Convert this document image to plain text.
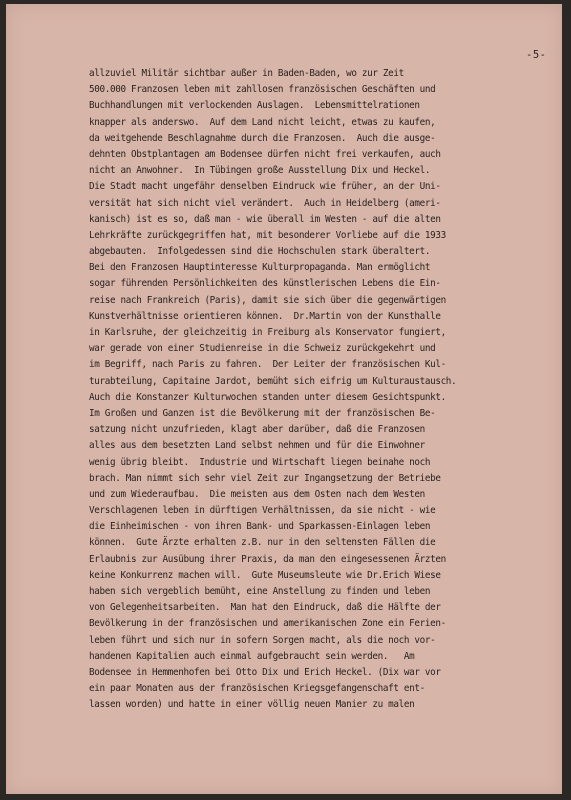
-5-
allzuviel Militär sichtbar außer in Baden-Baden, wo zur Zeit
500.000 Franzosen leben mit zahllosen französischen Geschäften und
Buchhandlungen mit verlockenden Auslagen.  Lebensmittelrationen
knapper als anderswo.  Auf dem Land nicht leicht, etwas zu kaufen,
da weitgehende Beschlagnahme durch die Franzosen.  Auch die ausge-
dehnten Obstplantagen am Bodensee dürfen nicht frei verkaufen, auch
nicht an Anwohner.  In Tübingen große Ausstellung Dix und Heckel.
Die Stadt macht ungefähr denselben Eindruck wie früher, an der Uni-
versität hat sich nicht viel verändert.  Auch in Heidelberg (ameri-
kanisch) ist es so, daß man - wie überall im Westen - auf die alten
Lehrkräfte zurückgegriffen hat, mit besonderer Vorliebe auf die 1933
abgebauten.  Infolgedessen sind die Hochschulen stark überaltert.
Bei den Franzosen Hauptinteresse Kulturpropaganda. Man ermöglicht
sogar führenden Persönlichkeiten des künstlerischen Lebens die Ein-
reise nach Frankreich (Paris), damit sie sich über die gegenwärtigen
Kunstverhältnisse orientieren können.  Dr.Martin von der Kunsthalle
in Karlsruhe, der gleichzeitig in Freiburg als Konservator fungiert,
war gerade von einer Studienreise in die Schweiz zurückgekehrt und
im Begriff, nach Paris zu fahren.  Der Leiter der französischen Kul-
turabteilung, Capitaine Jardot, bemüht sich eifrig um Kulturaustausch.
Auch die Konstanzer Kulturwochen standen unter diesem Gesichtspunkt.
Im Großen und Ganzen ist die Bevölkerung mit der französischen Be-
satzung nicht unzufrieden, klagt aber darüber, daß die Franzosen
alles aus dem besetzten Land selbst nehmen und für die Einwohner
wenig übrig bleibt.  Industrie und Wirtschaft liegen beinahe noch
brach. Man nimmt sich sehr viel Zeit zur Ingangsetzung der Betriebe
und zum Wiederaufbau.  Die meisten aus dem Osten nach dem Westen
Verschlagenen leben in dürftigen Verhältnissen, da sie nicht - wie
die Einheimischen - von ihren Bank- und Sparkassen-Einlagen leben
können.  Gute Ärzte erhalten z.B. nur in den seltensten Fällen die
Erlaubnis zur Ausübung ihrer Praxis, da man den eingesessenen Ärzten
keine Konkurrenz machen will.  Gute Museumsleute wie Dr.Erich Wiese
haben sich vergeblich bemüht, eine Anstellung zu finden und leben
von Gelegenheitsarbeiten.  Man hat den Eindruck, daß die Hälfte der
Bevölkerung in der französischen und amerikanischen Zone ein Ferien-
leben führt und sich nur in sofern Sorgen macht, als die noch vor-
handenen Kapitalien auch einmal aufgebraucht sein werden.   Am
Bodensee in Hemmenhofen bei Otto Dix und Erich Heckel. (Dix war vor
ein paar Monaten aus der französischen Kriegsgefangenschaft ent-
lassen worden) und hatte in einer völlig neuen Manier zu malen
